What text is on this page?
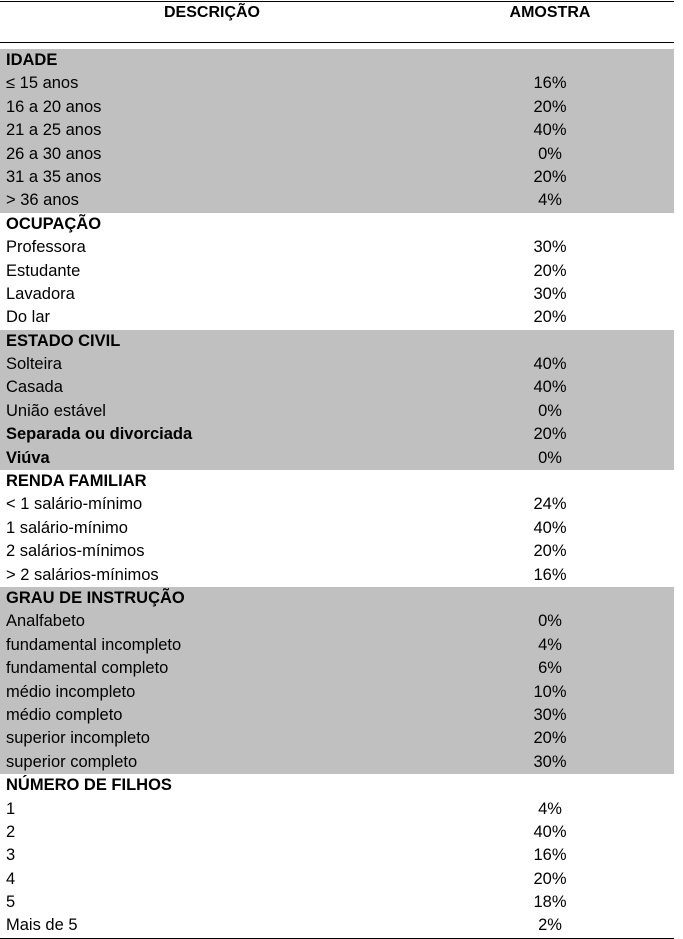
DESCRIÇÃO	AMOSTRA
IDADE
≤ 15 anos	16%
16 a 20 anos	20%
21 a 25 anos	40%
26 a 30 anos	0%
31 a 35 anos	20%
> 36 anos	4%
OCUPAÇÃO
Professora	30%
Estudante	20%
Lavadora	30%
Do lar	20%
ESTADO CIVIL
Solteira	40%
Casada	40%
União estável	0%
Separada ou divorciada	20%
Viúva	0%
RENDA FAMILIAR
< 1 salário-mínimo	24%
1 salário-mínimo	40%
2 salários-mínimos	20%
> 2 salários-mínimos	16%
GRAU DE INSTRUÇÃO
Analfabeto	0%
fundamental incompleto	4%
fundamental completo	6%
médio incompleto	10%
médio completo	30%
superior incompleto	20%
superior completo	30%
NÚMERO DE FILHOS
1	4%
2	40%
3	16%
4	20%
5	18%
Mais de 5	2%
